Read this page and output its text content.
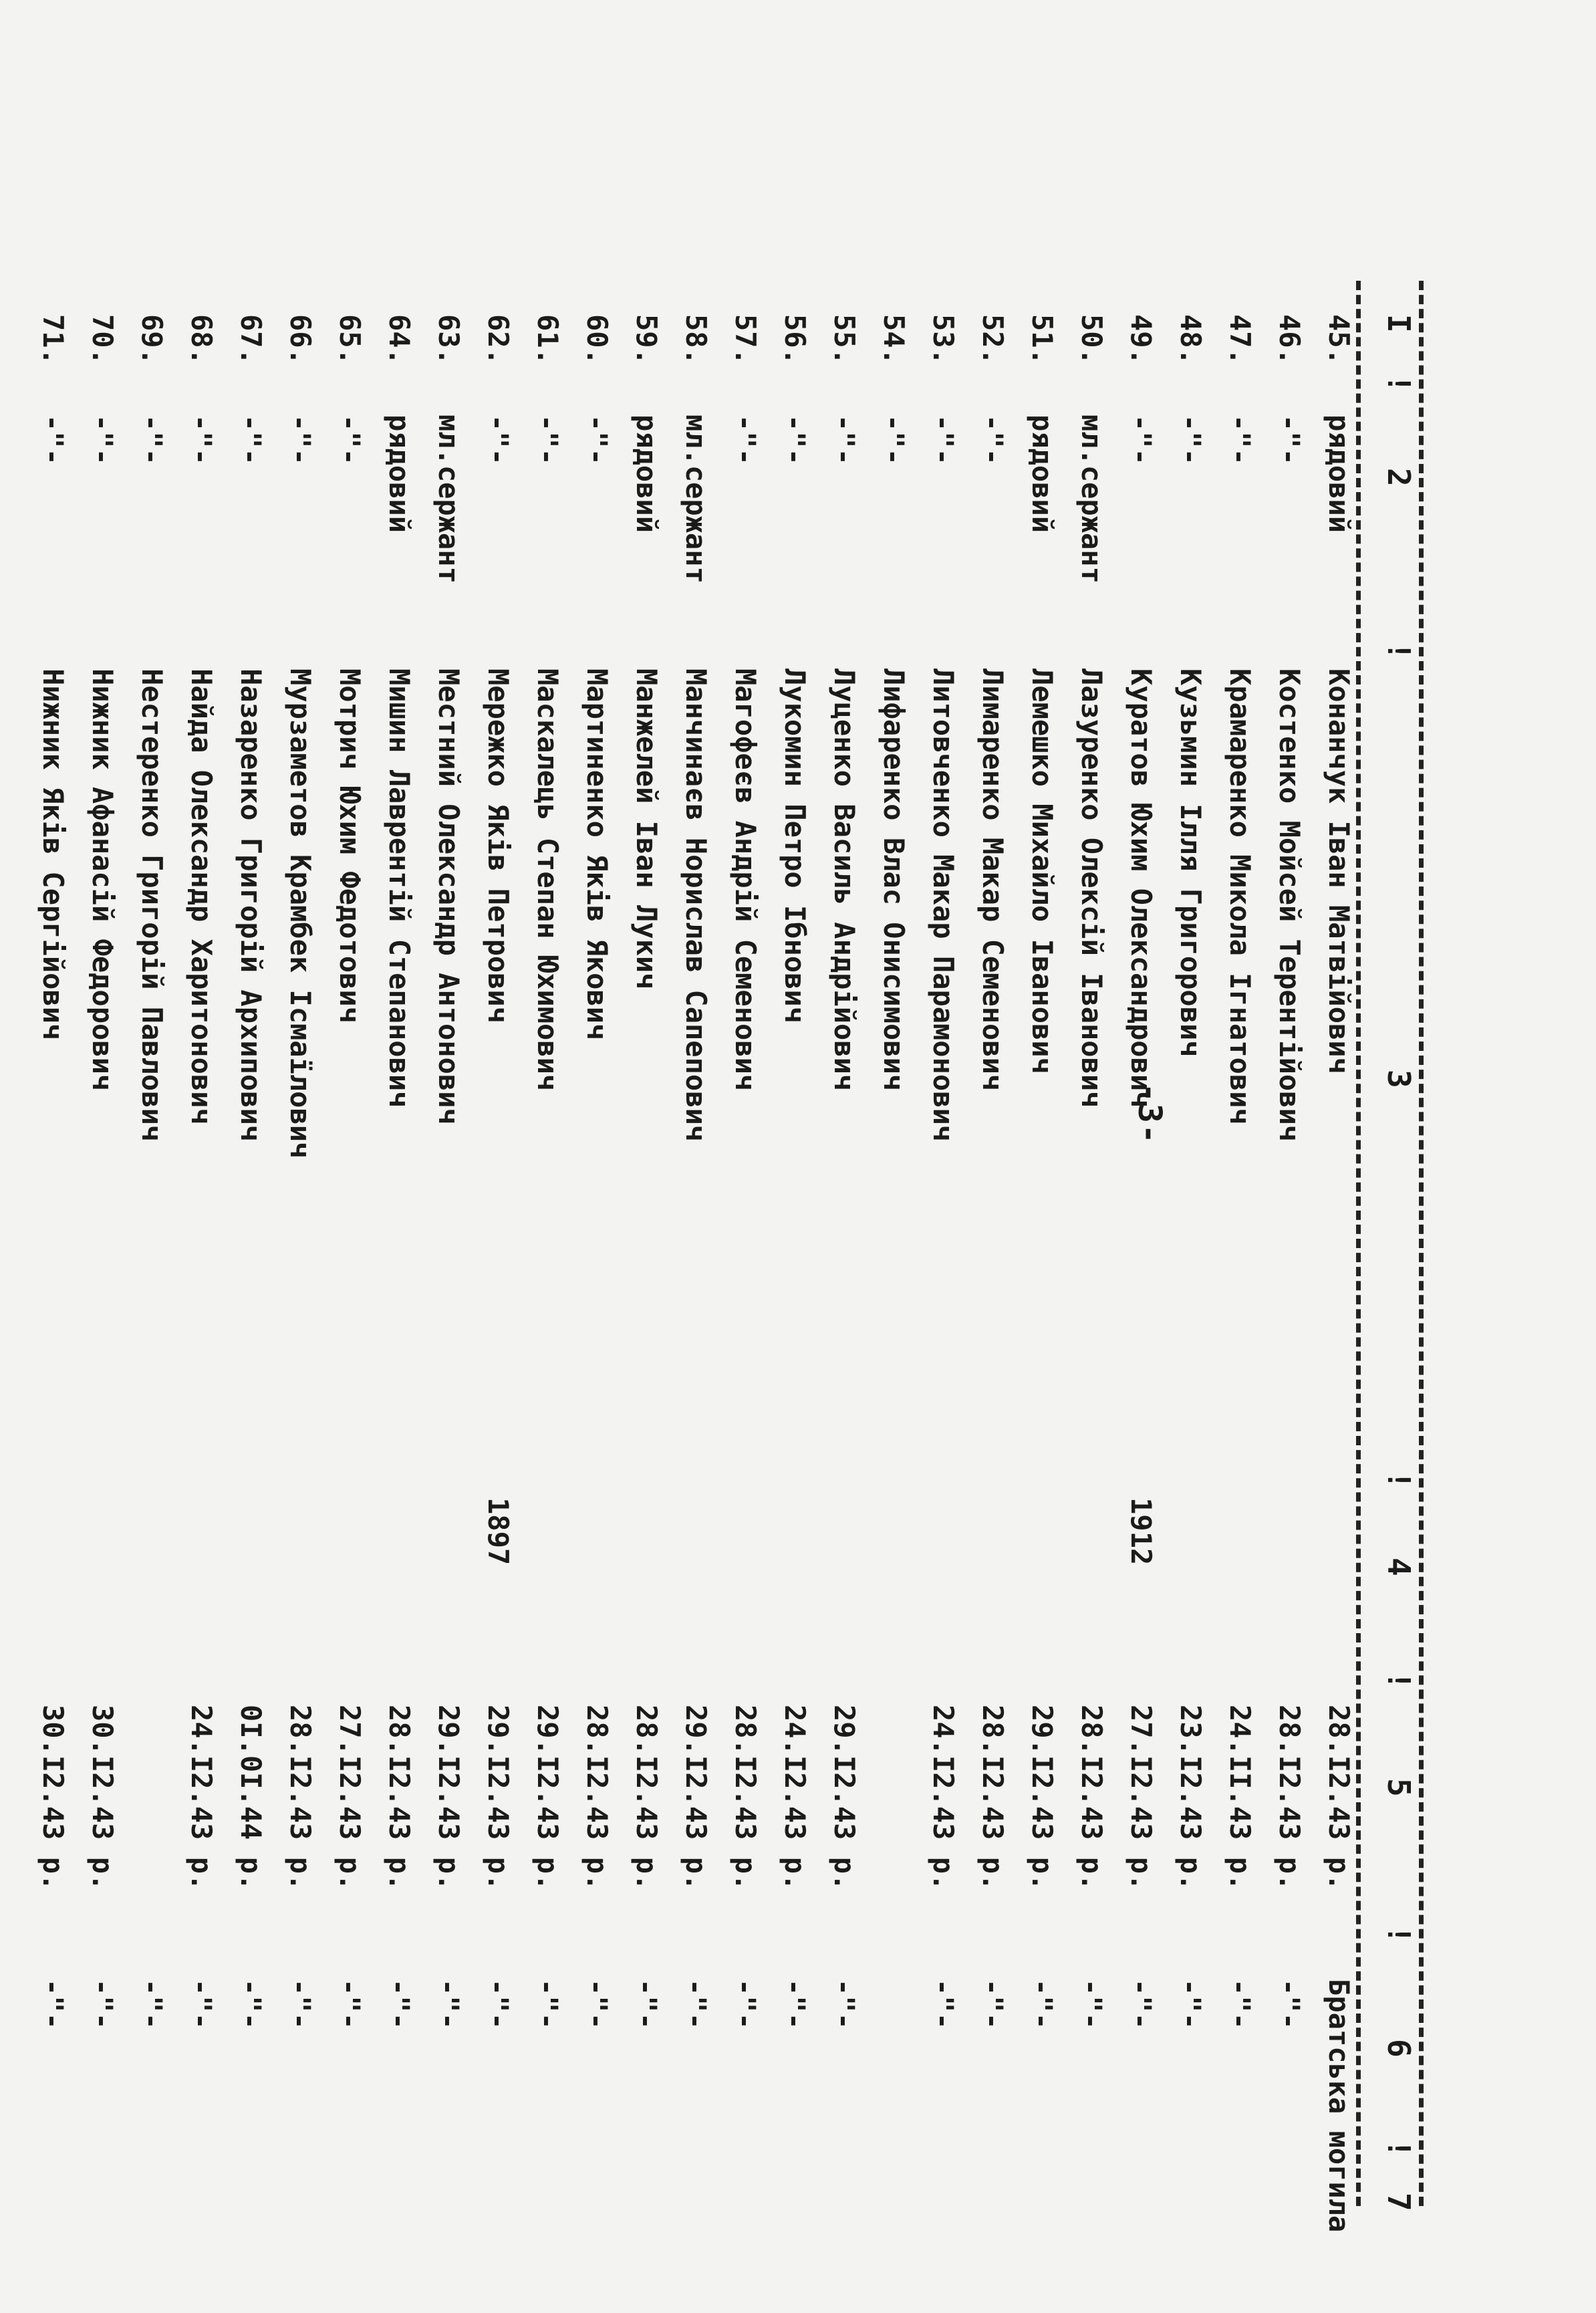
-3-
I
!
2
!
3
!
4
!
5
!
6
!
7
45.
рядовий
Конанчук Іван Матвійович
28.I2.43 р.
Братська могила
46.
-"-
Костенко Мойсей Терентійович
28.I2.43 р.
-"-
47.
-"-
Крамаренко Микола Ігнатович
24.II.43 р.
-"-
48.
-"-
Кузьмин Ілля Григорович
23.I2.43 р.
-"-
49.
-"-
Куратов Юхим Олександрович
1912
27.I2.43 р.
-"-
50.
мл.сержант
Лазуренко Олексій Іванович
28.I2.43 р.
-"-
51.
рядовий
Лемешко Михайло Іванович
29.I2.43 р.
-"-
52.
-"-
Лимаренко Макар Семенович
28.I2.43 р.
-"-
53.
-"-
Литовченко Макар Парамонович
24.I2.43 р.
-"-
54.
-"-
Лифаренко Влас Онисимович
55.
-"-
Луценко Василь Андрійович
29.I2.43 р.
-"-
56.
-"-
Лукомин Петро Ібнович
24.I2.43 р.
-"-
57.
-"-
Магофеєв Андрій Семенович
28.I2.43 р.
-"-
58.
мл.сержант
Манчинаєв Норислав Сапепович
29.I2.43 р.
-"-
59.
рядовий
Манжелей Іван Лукич
28.I2.43 р.
-"-
60.
-"-
Мартиненко Яків Якович
28.I2.43 р.
-"-
61.
-"-
Маскалець Степан Юхимович
29.I2.43 р.
-"-
62.
-"-
Мережко Яків Петрович
1897
29.I2.43 р.
-"-
63.
мл.сержант
Местний Олександр Антонович
29.I2.43 р.
-"-
64.
рядовий
Мишин Лаврентій Степанович
28.I2.43 р.
-"-
65.
-"-
Мотрич Юхим Федотович
27.I2.43 р.
-"-
66.
-"-
Мурзаметов Крамбек Ісмаїлович
28.I2.43 р.
-"-
67.
-"-
Назаренко Григорій Архипович
0I.0I.44 р.
-"-
68.
-"-
Найда Олександр Харитонович
24.I2.43 р.
-"-
69.
-"-
Нестеренко Григорій Павлович
-"-
70.
-"-
Нижник Афанасій Федорович
30.I2.43 р.
-"-
71.
-"-
Нижник Яків Сергійович
30.I2.43 р.
-"-
